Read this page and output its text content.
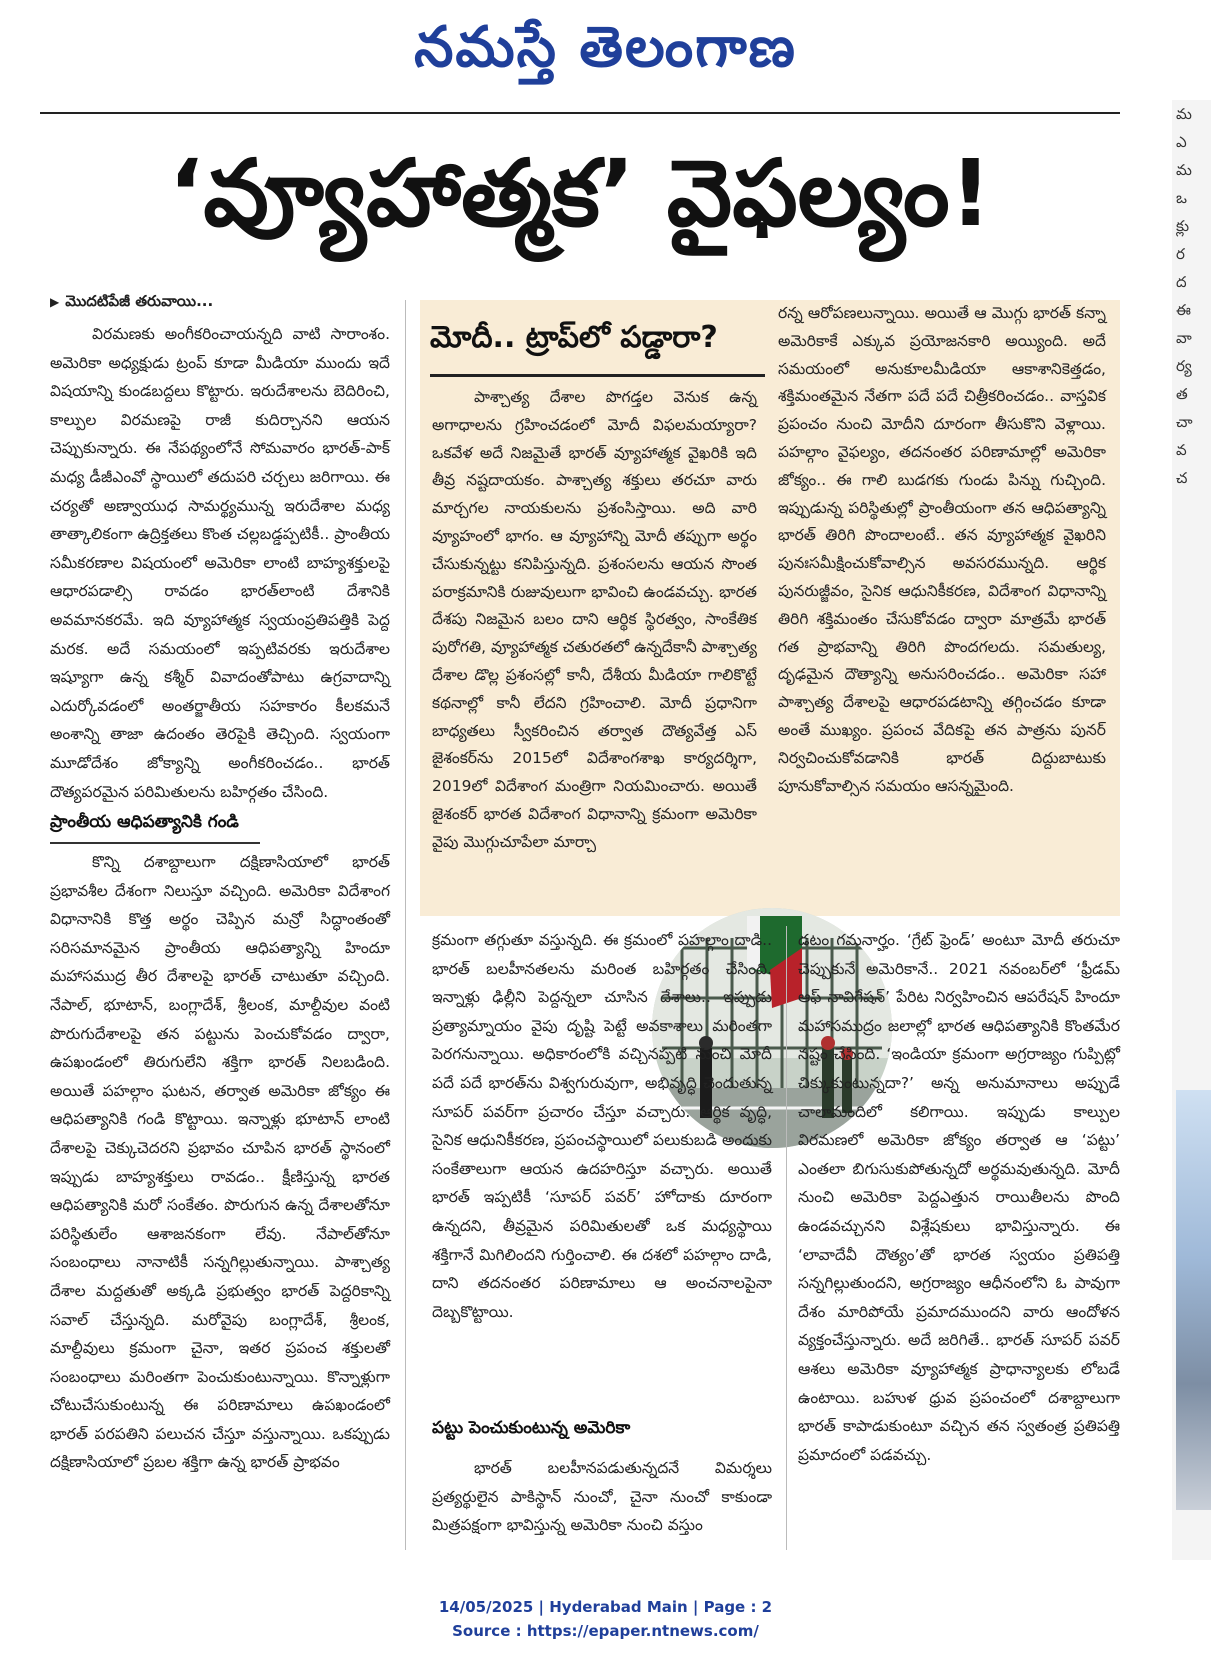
నమస్తే తెలంగాణ
‘వ్యూహాత్మక’ వైఫల్యం!
▶ మొదటిపేజీ తరువాయి...

విరమణకు అంగీకరించాయన్నది వాటి సారాంశం. అమెరికా అధ్యక్షుడు ట్రంప్ కూడా మీడియా ముందు ఇదే విషయాన్ని కుండబద్దలు కొట్టారు. ఇరుదేశాలను బెదిరించి, కాల్పుల విరమణపై రాజీ కుదిర్చానని ఆయన చెప్పుకున్నారు. ఈ నేపథ్యంలోనే సోమవారం భారత్-పాక్ మధ్య డీజీఎంవో స్థాయిలో తదుపరి చర్చలు జరిగాయి. ఈ చర్యతో అణ్వాయుధ సామర్థ్యమున్న ఇరుదేశాల మధ్య తాత్కాలికంగా ఉద్రిక్తతలు కొంత చల్లబడ్డప్పటికీ.. ప్రాంతీయ సమీకరణాల విషయంలో అమెరికా లాంటి బాహ్యశక్తులపై ఆధారపడాల్సి రావడం భారత్‌లాంటి దేశానికి అవమానకరమే. ఇది వ్యూహాత్మక స్వయంప్రతిపత్తికి పెద్ద మరక. అదే సమయంలో ఇప్పటివరకు ఇరుదేశాల ఇష్యూగా ఉన్న కశ్మీర్ వివాదంతోపాటు ఉగ్రవాదాన్ని ఎదుర్కోవడంలో అంతర్జాతీయ సహకారం కీలకమనే అంశాన్ని తాజా ఉదంతం తెరపైకి తెచ్చింది. స్వయంగా మూడోదేశం జోక్యాన్ని అంగీకరించడం.. భారత్ దౌత్యపరమైన పరిమితులను బహిర్గతం చేసింది.

ప్రాంతీయ ఆధిపత్యానికి గండి

కొన్ని దశాబ్దాలుగా దక్షిణాసియాలో భారత్ ప్రభావశీల దేశంగా నిలుస్తూ వచ్చింది. అమెరికా విదేశాంగ విధానానికి కొత్త అర్థం చెప్పిన మన్రో సిద్ధాంతంతో సరిసమానమైన ప్రాంతీయ ఆధిపత్యాన్ని హిందూ మహాసముద్ర తీర దేశాలపై భారత్ చాటుతూ వచ్చింది. నేపాల్, భూటాన్, బంగ్లాదేశ్, శ్రీలంక, మాల్దీవుల వంటి పొరుగుదేశాలపై తన పట్టును పెంచుకోవడం ద్వారా, ఉపఖండంలో తిరుగులేని శక్తిగా భారత్ నిలబడింది. అయితే పహల్గాం ఘటన, తర్వాత అమెరికా జోక్యం ఈ ఆధిపత్యానికి గండి కొట్టాయి. ఇన్నాళ్లు భూటాన్ లాంటి దేశాలపై చెక్కుచెదరని ప్రభావం చూపిన భారత్ స్థానంలో ఇప్పుడు బాహ్యశక్తులు రావడం.. క్షీణిస్తున్న భారత ఆధిపత్యానికి మరో సంకేతం. పొరుగున ఉన్న దేశాలతోనూ పరిస్థితులేం ఆశాజనకంగా లేవు. నేపాల్‌తోనూ సంబంధాలు నానాటికీ సన్నగిల్లుతున్నాయి. పాశ్చాత్య దేశాల మద్దతుతో అక్కడి ప్రభుత్వం భారత్ పెద్దరికాన్ని సవాల్ చేస్తున్నది. మరోవైపు బంగ్లాదేశ్, శ్రీలంక, మాల్దీవులు క్రమంగా చైనా, ఇతర ప్రపంచ శక్తులతో సంబంధాలు మరింతగా పెంచుకుంటున్నాయి. కొన్నాళ్లుగా చోటుచేసుకుంటున్న ఈ పరిణామాలు ఉపఖండంలో భారత్ పరపతిని పలుచన చేస్తూ వస్తున్నాయి. ఒకప్పుడు దక్షిణాసియాలో ప్రబల శక్తిగా ఉన్న భారత్ ప్రాభవం

మోదీ.. ట్రాప్‌లో పడ్డారా?

పాశ్చాత్య దేశాల పొగడ్తల వెనుక ఉన్న అగాధాలను గ్రహించడంలో మోదీ విఫలమయ్యారా? ఒకవేళ అదే నిజమైతే భారత్ వ్యూహాత్మక వైఖరికి ఇది తీవ్ర నష్టదాయకం. పాశ్చాత్య శక్తులు తరచూ వారు మార్చగల నాయకులను ప్రశంసిస్తాయి. అది వారి వ్యూహంలో భాగం. ఆ వ్యూహాన్ని మోదీ తప్పుగా అర్థం చేసుకున్నట్టు కనిపిస్తున్నది. ప్రశంసలను ఆయన సొంత పరాక్రమానికి రుజువులుగా భావించి ఉండవచ్చు. భారత దేశపు నిజమైన బలం దాని ఆర్థిక స్థిరత్వం, సాంకేతిక పురోగతి, వ్యూహాత్మక చతురతలో ఉన్నదేకానీ పాశ్చాత్య దేశాల డొల్ల ప్రశంసల్లో కానీ, దేశీయ మీడియా గాలికొట్టే కథనాల్లో కానీ లేదని గ్రహించాలి. మోదీ ప్రధానిగా బాధ్యతలు స్వీకరించిన తర్వాత దౌత్యవేత్త ఎస్ జైశంకర్‌ను 2015లో విదేశాంగశాఖ కార్యదర్శిగా, 2019లో విదేశాంగ మంత్రిగా నియమించారు. అయితే జైశంకర్ భారత విదేశాంగ విధానాన్ని క్రమంగా అమెరికా వైపు మొగ్గుచూపేలా మార్చా

రన్న ఆరోపణలున్నాయి. అయితే ఆ మొగ్గు భారత్ కన్నా అమెరికాకే ఎక్కువ ప్రయోజనకారి అయ్యింది. అదే సమయంలో అనుకూలమీడియా ఆకాశానికెత్తడం, శక్తిమంతమైన నేతగా పదే పదే చిత్రీకరించడం.. వాస్తవిక ప్రపంచం నుంచి మోదీని దూరంగా తీసుకొని వెళ్లాయి. పహల్గాం వైఫల్యం, తదనంతర పరిణామాల్లో అమెరికా జోక్యం.. ఈ గాలి బుడగకు గుండు పిన్ను గుచ్చింది. ఇప్పుడున్న పరిస్థితుల్లో ప్రాంతీయంగా తన ఆధిపత్యాన్ని భారత్ తిరిగి పొందాలంటే.. తన వ్యూహాత్మక వైఖరిని పునఃసమీక్షించుకోవాల్సిన అవసరమున్నది. ఆర్థిక పునరుజ్జీవం, సైనిక ఆధునికీకరణ, విదేశాంగ విధానాన్ని తిరిగి శక్తిమంతం చేసుకోవడం ద్వారా మాత్రమే భారత్ గత ప్రాభవాన్ని తిరిగి పొందగలదు. సమతుల్య, దృఢమైన దౌత్యాన్ని అనుసరించడం.. అమెరికా సహా పాశ్చాత్య దేశాలపై ఆధారపడటాన్ని తగ్గించడం కూడా అంతే ముఖ్యం. ప్రపంచ వేదికపై తన పాత్రను పునర్ నిర్వచించుకోవడానికి భారత్ దిద్దుబాటుకు పూనుకోవాల్సిన సమయం ఆసన్నమైంది.

క్రమంగా తగ్గుతూ వస్తున్నది. ఈ క్రమంలో పహల్గాం దాడి.. భారత్ బలహీనతలను మరింత బహిర్గతం చేసింది. ఇన్నాళ్లు ఢిల్లీని పెద్దన్నలా చూసిన దేశాలు.. ఇప్పుడు ప్రత్యామ్నాయం వైపు దృష్టి పెట్టే అవకాశాలు మరింతగా పెరగనున్నాయి. అధికారంలోకి వచ్చినప్పటి నుంచి మోదీ పదే పదే భారత్‌ను విశ్వగురువుగా, అభివృద్ధి చెందుతున్న సూపర్ పవర్‌గా ప్రచారం చేస్తూ వచ్చారు. ఆర్థిక వృద్ధి, సైనిక ఆధునికీకరణ, ప్రపంచస్థాయిలో పలుకుబడి అందుకు సంకేతాలుగా ఆయన ఉదహరిస్తూ వచ్చారు. అయితే భారత్ ఇప్పటికీ ‘సూపర్ పవర్’ హోదాకు దూరంగా ఉన్నదని, తీవ్రమైన పరిమితులతో ఒక మధ్యస్థాయి శక్తిగానే మిగిలిందని గుర్తించాలి. ఈ దశలో పహల్గాం దాడి, దాని తదనంతర పరిణామాలు ఆ అంచనాలపైనా దెబ్బకొట్టాయి.

పట్టు పెంచుకుంటున్న అమెరికా

భారత్ బలహీనపడుతున్నదనే విమర్శలు ప్రత్యర్థులైన పాకిస్థాన్ నుంచో, చైనా నుంచో కాకుండా మిత్రపక్షంగా భావిస్తున్న అమెరికా నుంచి వస్తుం

డటం గమనార్హం. ‘గ్రేట్ ఫ్రెండ్’ అంటూ మోదీ తరుచూ చెప్పుకునే అమెరికానే.. 2021 నవంబర్‌లో ‘ఫ్రీడమ్ ఆఫ్ నావిగేషన్’ పేరిట నిర్వహించిన ఆపరేషన్ హిందూ మహాసముద్రం జలాల్లో భారత ఆధిపత్యానికి కొంతమేర నష్టం చేసింది. ‘ఇండియా క్రమంగా అగ్రరాజ్యం గుప్పిట్లో చిక్కుకుంటున్నదా?’ అన్న అనుమానాలు అప్పుడే చాలామందిలో కలిగాయి. ఇప్పుడు కాల్పుల విరమణలో అమెరికా జోక్యం తర్వాత ఆ ‘పట్టు’ ఎంతలా బిగుసుకుపోతున్నదో అర్థమవుతున్నది. మోదీ నుంచి అమెరికా పెద్దఎత్తున రాయితీలను పొంది ఉండవచ్చునని విశ్లేషకులు భావిస్తున్నారు. ఈ ‘లావాదేవీ దౌత్యం’తో భారత స్వయం ప్రతిపత్తి సన్నగిల్లుతుందని, అగ్రరాజ్యం ఆధీనంలోని ఓ పావుగా దేశం మారిపోయే ప్రమాదముందని వారు ఆందోళన వ్యక్తంచేస్తున్నారు. అదే జరిగితే.. భారత్ సూపర్ పవర్ ఆశలు అమెరికా వ్యూహాత్మక ప్రాధాన్యాలకు లోబడే ఉంటాయి. బహుళ ధ్రువ ప్రపంచంలో దశాబ్దాలుగా భారత్ కాపాడుకుంటూ వచ్చిన తన స్వతంత్ర ప్రతిపత్తి ప్రమాదంలో పడవచ్చు.

మ
ఎ
మ
ఒ
క్లు
ర
ద
ఈ
వా
ర్య
త
చా
వ
చ
14/05/2025 | Hyderabad Main | Page : 2
Source : https://epaper.ntnews.com/
